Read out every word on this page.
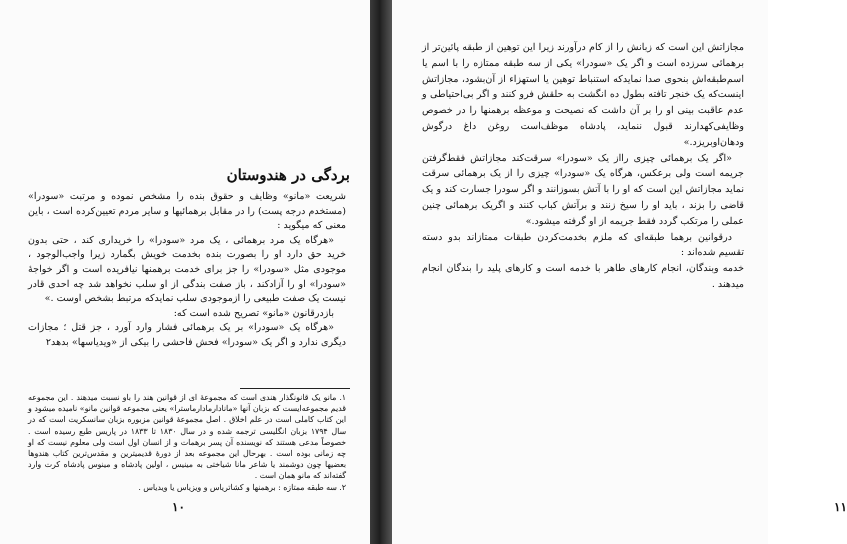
بردگی در هندوستان

شریعت «مانو» وظایف و حقوق بنده را مشخص نموده و مرتبت «سودرا» (مستخدم درجه پست) را در مقابل برهمائیها و سایر مردم تعیین‌کرده است ، باین معنی که میگوید :

«هرگاه یک مرد برهمائی ، یک مرد «سودرا» را خریداری کند ، حتی بدون خرید حق دارد او را بصورت بنده بخدمت خویش بگمارد زیرا واجب‌الوجود ، موجودی مثل «سودرا» را جز برای خدمت برهمنها نیافریده است و اگر خواجهٔ «سودرا» او را آزادکند ، باز صفت بندگی از او سلب نخواهد شد چه احدی قادر نیست یک صفت طبیعی را ازموجودی سلب نمایدکه مرتبط بشخص اوست .»

بازدرقانون «مانو» تصریح شده است که:

«هرگاه یک «سودرا» بر یک برهمائی فشار وارد آورد ، جز قتل ؛ مجازات دیگری ندارد و اگر یک «سودرا» فحش فاحشی را بیکی از «ویدیاسها» بدهد۲

۱. مانو یک قانونگذار هندی است که مجموعهٔ ای از قوانین هند را باو نسبت میدهند . این مجموعه قدیم مجموعه‌ایست که بزبان آنها «مانادارمادارماسترا» یعنی مجموعه قوانین مانو» نامیده میشود و این کتاب کاملی است در علم اخلاق . اصل مجموعهٔ قوانین مزبوره بزبان سانسکریت است که در سال ۱۷۹۴ بزبان انگلیسی ترجمه شده و در سال ۱۸۳۰ تا ۱۸۳۳ در پاریس طبع رسیده است . خصوصاً مدعی هستند که نویسنده آن پسر برهمات و از انسان اول است ولی معلوم نیست که او چه زمانی بوده است . بهرحال این مجموعه بعد از دورهٔ قدیمیترین و مقدس‌ترین کتاب هندوها بعضیها چون دوشمند یا شاعر مانا شیاختی به مینیس ، اولین پادشاه و مینوس پادشاه کرت وارد گفته‌اند که مانو همان است .

۲. سه طبقه ممتازه : برهمنها و کشاتریاس و ویزیاس یا ویدیاس .

۱۰

مجازاتش این است که زبانش را از کام درآورند زیرا این توهین از طبقه پائین‌تر از برهمائی سرزده است و اگر یک «سودرا» یکی از سه طبقه ممتازه را با اسم یا اسم‌طبقه‌اش بنحوی صدا نماید‌که استنباط توهین یا استهزاء از آن‌بشود، مجازاتش اینست‌که یک خنجر تافته بطول ده انگشت به حلقش فرو کنند و اگر بی‌احتیاطی و عدم عاقبت بینی او را بر آن داشت که نصیحت و موعظه برهمنها را در خصوص وظایفی‌کهدارند قبول ننماید، پادشاه موظف‌است روغن داغ درگوش ودهان‌اوبریزد.»

«اگر یک برهمائی چیزی رااز یک «سودرا» سرقت‌کند مجازاتش فقط‌گرفتن جریمه است ولی برعکس، هرگاه یک «سودرا» چیزی را از یک برهمائی سرقت نماید مجازاتش این است که او را با آتش بسوزانند و اگر سودرا جسارت کند و یک قاضی را بزند ، باید او را سیخ زنند و برآتش کباب کنند و اگریک برهمائی چنین عملی را مرتکب گردد فقط جریمه از او گرفته میشود.»

درقوانین برهما طبقه‌ای که ملزم بخدمت‌کردن طبقات ممتازاند بدو دسته تقسیم شده‌اند :

خدمه وبندگان، انجام کارهای طاهر با خدمه است و کارهای پلید را بندگان انجام میدهند .

۱۱
